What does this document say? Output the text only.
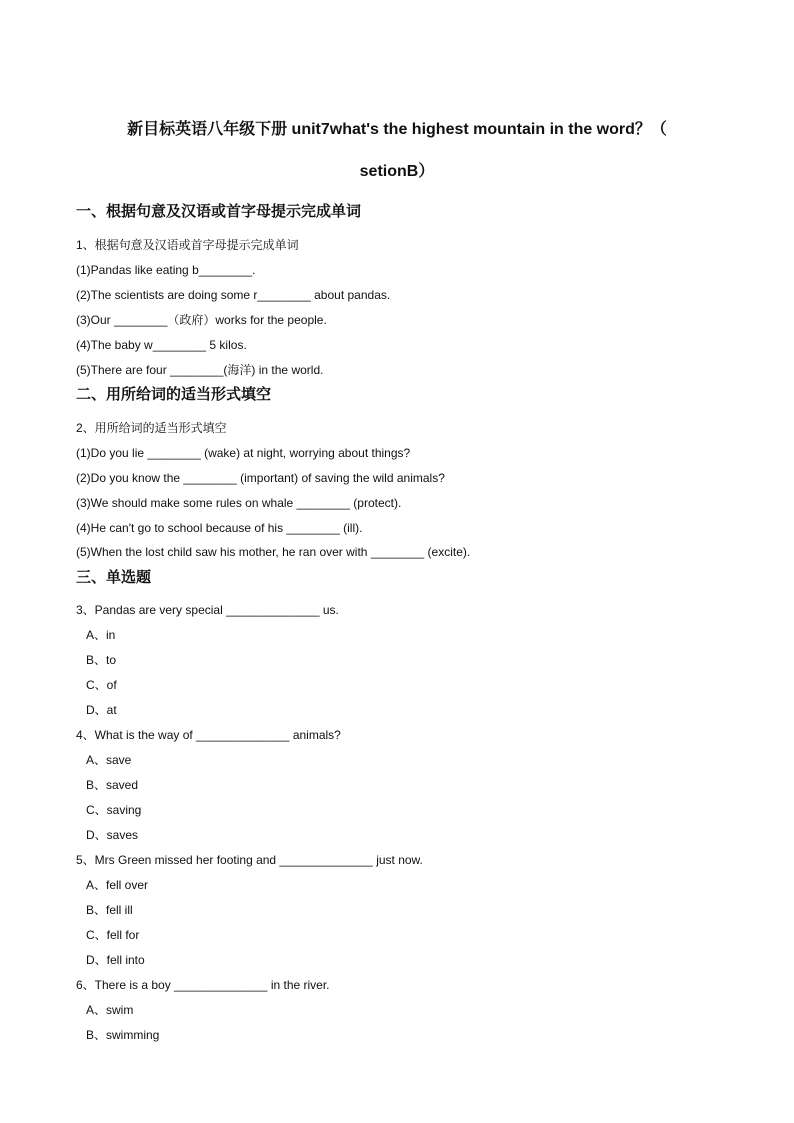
新目标英语八年级下册 unit7what's the highest mountain in the word？（
setionB）
一、根据句意及汉语或首字母提示完成单词
1、根据句意及汉语或首字母提示完成单词
(1)Pandas like eating b________.
(2)The scientists are doing some r________ about pandas.
(3)Our ________（政府）works for the people.
(4)The baby w________ 5 kilos.
(5)There are four ________(海洋) in the world.
二、用所给词的适当形式填空
2、用所给词的适当形式填空
(1)Do you lie ________ (wake) at night, worrying about things?
(2)Do you know the ________ (important) of saving the wild animals?
(3)We should make some rules on whale ________ (protect).
(4)He can't go to school because of his ________ (ill).
(5)When the lost child saw his mother, he ran over with ________ (excite).
三、单选题
3、Pandas are very special ______________ us.
A、in
B、to
C、of
D、at
4、What is the way of ______________ animals?
A、save
B、saved
C、saving
D、saves
5、Mrs Green missed her footing and ______________ just now.
A、fell over
B、fell ill
C、fell for
D、fell into
6、There is a boy ______________ in the river.
A、swim
B、swimming
